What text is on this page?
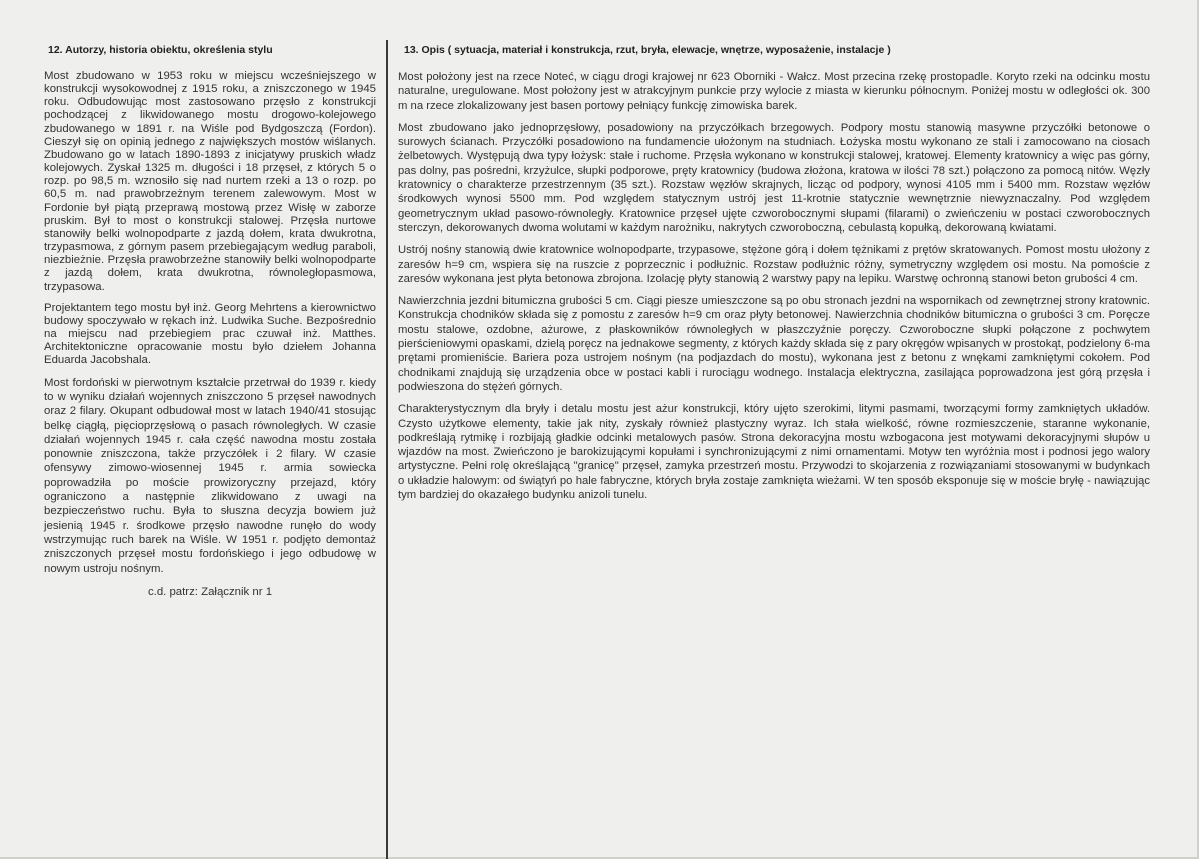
12. Autorzy, historia obiektu, określenia stylu

Most zbudowano w 1953 roku w miejscu wcześniejszego w konstrukcji wysokowodnej z 1915 roku, a zniszczonego w 1945 roku. Odbudowując most zastosowano przęsło z konstrukcji pochodzącej z likwidowanego mostu drogowo-kolejowego zbudowanego w 1891 r. na Wiśle pod Bydgoszczą (Fordon). Cieszył się on opinią jednego z największych mostów wiślanych. Zbudowano go w latach 1890-1893 z inicjatywy pruskich władz kolejowych. Zyskał 1325 m. długości i 18 przęseł, z których 5 o rozp. po 98,5 m. wznosiło się nad nurtem rzeki a 13 o rozp. po 60,5 m. nad prawobrzeżnym terenem zalewowym. Most w Fordonie był piątą przeprawą mostową przez Wisłę w zaborze pruskim. Był to most o konstrukcji stalowej. Przęsła nurtowe stanowiły belki wolnopodparte z jazdą dołem, krata dwukrotna, trzypasmowa, z górnym pasem przebiegającym według paraboli, niezbieżnie. Przęsła prawobrzeżne stanowiły belki wolnopodparte z jazdą dołem, krata dwukrotna, równoległopasmowa, trzypasowa.

Projektantem tego mostu był inż. Georg Mehrtens a kierownictwo budowy spoczywało w rękach inż. Ludwika Suche. Bezpośrednio na miejscu nad przebiegiem prac czuwał inż. Matthes. Architektoniczne opracowanie mostu było dziełem Johanna Eduarda Jacobshala.

Most fordoński w pierwotnym kształcie przetrwał do 1939 r. kiedy to w wyniku działań wojennych zniszczono 5 przęseł nawodnych oraz 2 filary. Okupant odbudował most w latach 1940/41 stosując belkę ciągłą, pięcioprzęsłową o pasach równoległych. W czasie działań wojennych 1945 r. cała część nawodna mostu została ponownie zniszczona, także przyczółek i 2 filary. W czasie ofensywy zimowo-wiosennej 1945 r. armia sowiecka poprowadziła po moście prowizoryczny przejazd, który ograniczono a następnie zlikwidowano z uwagi na bezpieczeństwo ruchu. Była to słuszna decyzja bowiem już jesienią 1945 r. środkowe przęsło nawodne runęło do wody wstrzymując ruch barek na Wiśle. W 1951 r. podjęto demontaż zniszczonych przęseł mostu fordońskiego i jego odbudowę w nowym ustroju nośnym.

c.d. patrz: Załącznik nr 1
13. Opis ( sytuacja, materiał i konstrukcja, rzut, bryła, elewacje, wnętrze, wyposażenie, instalacje )

Most położony jest na rzece Noteć, w ciągu drogi krajowej nr 623 Oborniki - Wałcz. Most przecina rzekę prostopadle. Koryto rzeki na odcinku mostu naturalne, uregulowane. Most położony jest w atrakcyjnym punkcie przy wylocie z miasta w kierunku północnym. Poniżej mostu w odległości ok. 300 m na rzece zlokalizowany jest basen portowy pełniący funkcję zimowiska barek.

Most zbudowano jako jednoprzęsłowy, posadowiony na przyczółkach brzegowych. Podpory mostu stanowią masywne przyczółki betonowe o surowych ścianach. Przyczółki posadowiono na fundamencie ułożonym na studniach. Łożyska mostu wykonano ze stali i zamocowano na ciosach żelbetowych. Występują dwa typy łożysk: stałe i ruchome. Przęsła wykonano w konstrukcji stalowej, kratowej. Elementy kratownicy a więc pas górny, pas dolny, pas pośredni, krzyżulce, słupki podporowe, pręty kratownicy (budowa złożona, kratowa w ilości 78 szt.) połączono za pomocą nitów. Węzły kratownicy o charakterze przestrzennym (35 szt.). Rozstaw węzłów skrajnych, licząc od podpory, wynosi 4105 mm i 5400 mm. Rozstaw węzłów środkowych wynosi 5500 mm. Pod względem statycznym ustrój jest 11-krotnie statycznie wewnętrznie niewyznaczalny. Pod względem geometrycznym układ pasowo-równoległy. Kratownice przęseł ujęte czworobocznymi słupami (filarami) o zwieńczeniu w postaci czworobocznych sterczyn, dekorowanych dwoma wolutami w każdym narożniku, nakrytych czworoboczną, cebulastą kopułką, dekorowaną kwiatami.

Ustrój nośny stanowią dwie kratownice wolnopodparte, trzypasowe, stężone górą i dołem tężnikami z prętów skratowanych. Pomost mostu ułożony z zaresów h=9 cm, wspiera się na ruszcie z poprzecznic i podłużnic. Rozstaw podłużnic różny, symetryczny względem osi mostu. Na pomoście z zaresów wykonana jest płyta betonowa zbrojona. Izolację płyty stanowią 2 warstwy papy na lepiku. Warstwę ochronną stanowi beton grubości 4 cm.

Nawierzchnia jezdni bitumiczna grubości 5 cm. Ciągi piesze umieszczone są po obu stronach jezdni na wspornikach od zewnętrznej strony kratownic. Konstrukcja chodników składa się z pomostu z zaresów h=9 cm oraz płyty betonowej. Nawierzchnia chodników bitumiczna o grubości 3 cm. Poręcze mostu stalowe, ozdobne, ażurowe, z płaskowników równoległych w płaszczyźnie poręczy. Czworoboczne słupki połączone z pochwytem pierścieniowymi opaskami, dzielą poręcz na jednakowe segmenty, z których każdy składa się z pary okręgów wpisanych w prostokąt, podzielony 6-ma prętami promieniście. Bariera poza ustrojem nośnym (na podjazdach do mostu), wykonana jest z betonu z wnękami zamkniętymi cokołem. Pod chodnikami znajdują się urządzenia obce w postaci kabli i rurociągu wodnego. Instalacja elektryczna, zasilająca poprowadzona jest górą przęsła i podwieszona do stężeń górnych.

Charakterystycznym dla bryły i detalu mostu jest ażur konstrukcji, który ujęto szerokimi, litymi pasmami, tworzącymi formy zamkniętych układów. Czysto użytkowe elementy, takie jak nity, zyskały również plastyczny wyraz. Ich stała wielkość, równe rozmieszczenie, staranne wykonanie, podkreślają rytmikę i rozbijają gładkie odcinki metalowych pasów. Strona dekoracyjna mostu wzbogacona jest motywami dekoracyjnymi słupów u wjazdów na most. Zwieńczono je barokizującymi kopułami i synchronizującymi z nimi ornamentami. Motyw ten wyróżnia most i podnosi jego walory artystyczne. Pełni rolę określającą "granicę" przęseł, zamyka przestrzeń mostu. Przywodzi to skojarzenia z rozwiązaniami stosowanymi w budynkach o układzie halowym: od świątyń po hale fabryczne, których bryła zostaje zamknięta wieżami. W ten sposób eksponuje się w moście bryłę - nawiązując tym bardziej do okazałego budynku anizoli tunelu.
